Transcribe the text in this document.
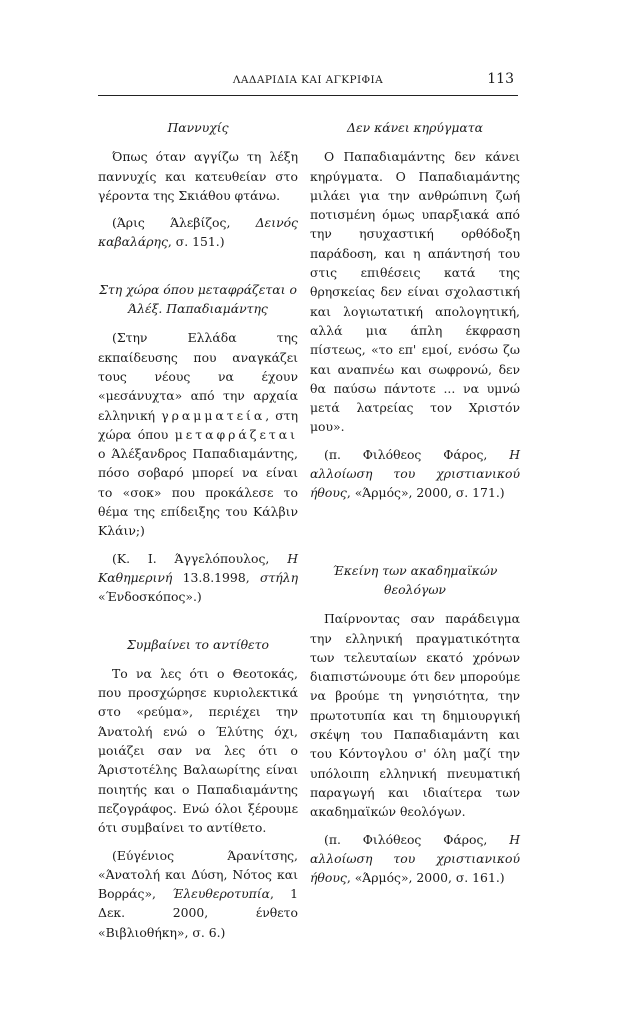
ΛΑΔΑΡΙΔΙΑ ΚΑΙ ΑΓΚΡΙΦΙΑ	113
Παννυχίς

Όπως όταν αγγίζω τη λέξη παννυχίς και κατευθείαν στο γέροντα της Σκιάθου φτάνω.

(Άρις Άλεβίζος, Δεινός καβαλάρης, σ. 151.)

Στη χώρα όπου μεταφράζεται ο Άλέξ. Παπαδιαμάντης

(Στην Ελλάδα της εκπαίδευσης που αναγκάζει τους νέους να έχουν «μεσάνυχτα» από την αρχαία ελληνική γραμματεία, στη χώρα όπου μεταφράζεται ο Άλέξανδρος Παπαδιαμάντης, πόσο σοβαρό μπορεί να είναι το «σοκ» που προκάλεσε το θέμα της επίδειξης του Κάλβιν Κλάιν;)

(Κ. Ι. Άγγελόπουλος, Η Καθημερινή 13.8.1998, στήλη «Ένδοσκόπος».)

Συμβαίνει το αντίθετο

Το να λες ότι ο Θεοτοκάς, που προσχώρησε κυριολεκτικά στο «ρεύμα», περιέχει την Άνατολή ενώ ο Έλύτης όχι, μοιάζει σαν να λες ότι ο Άριστοτέλης Βαλαωρίτης είναι ποιητής και ο Παπαδιαμάντης πεζογράφος. Ενώ όλοι ξέρουμε ότι συμβαίνει το αντίθετο.

(Εύγένιος Άρανίτσης, «Άνατολή και Δύση, Νότος και Βορράς», Έλευθεροτυπία, 1 Δεκ. 2000, ένθετο «Βιβλιοθήκη», σ. 6.)

Δεν κάνει κηρύγματα

Ο Παπαδιαμάντης δεν κάνει κηρύγματα. Ο Παπαδιαμάντης μιλάει για την ανθρώπινη ζωή ποτισμένη όμως υπαρξιακά από την ησυχαστική ορθόδοξη παράδοση, και η απάντησή του στις επιθέσεις κατά της θρησκείας δεν είναι σχολαστική και λογιωτατική απολογητική, αλλά μια άπλη έκφραση πίστεως, «το επ' εμοί, ενόσω ζω και αναπνέω και σωφρονώ, δεν θα παύσω πάντοτε ... να υμνώ μετά λατρείας τον Χριστόν μου».

(π. Φιλόθεος Φάρος, Η αλλοίωση του χριστιανικού ήθους, «Άρμός», 2000, σ. 171.)

Έκείνη των ακαδημαϊκών θεολόγων

Παίρνοντας σαν παράδειγμα την ελληνική πραγματικότητα των τελευταίων εκατό χρόνων διαπιστώνουμε ότι δεν μπορούμε να βρούμε τη γνησιότητα, την πρωτοτυπία και τη δημιουργική σκέψη του Παπαδιαμάντη και του Κόντογλου σ' όλη μαζί την υπόλοιπη ελληνική πνευματική παραγωγή και ιδιαίτερα των ακαδημαϊκών θεολόγων.

(π. Φιλόθεος Φάρος, Η αλλοίωση του χριστιανικού ήθους, «Άρμός», 2000, σ. 161.)
